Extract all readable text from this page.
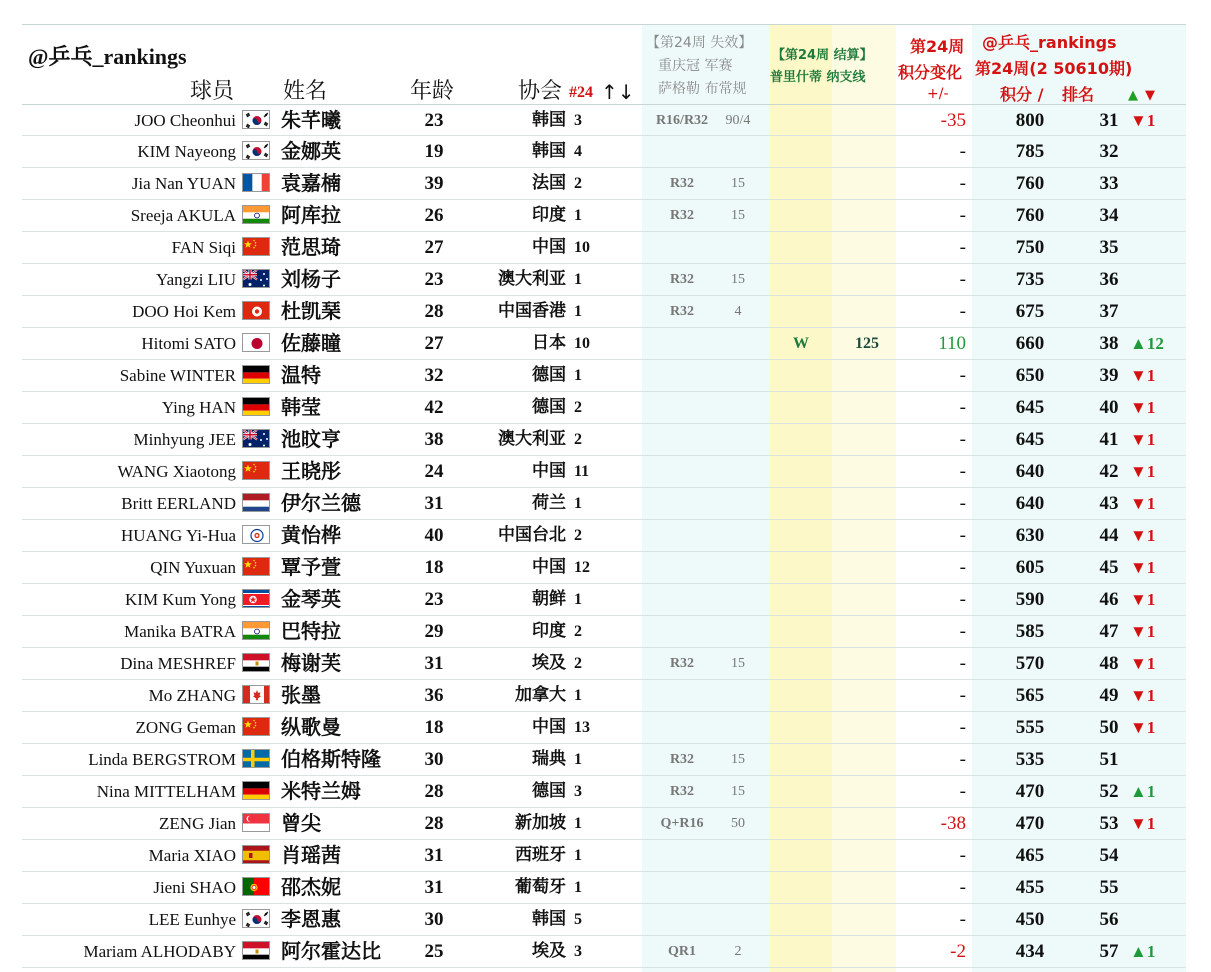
@乒乓_rankings
球员 姓名	年龄	协会 #24 ↑↓
【第24周 失效】
重庆冠 军赛
萨格勒 布常规
【第24周 结算】
普里什蒂 纳支线
第24周
积分变化
+/-
@乒乓_rankings
第24周(2 50610期)
积分 / 排名	▲ ▼
JOO Cheonhui 朱芊曦	23	韩国 3	R16/R32	90/4	-35	800	31 ▼1
KIM Nayeong 金娜英	19	韩国 4	-	785	32
Jia Nan YUAN 袁嘉楠	39	法国 2	R32	15	-	760	33
Sreeja AKULA 阿库拉	26	印度 1	R32	15	-	760	34
FAN Siqi 范思琦	27	中国 10	-	750	35
Yangzi LIU 刘杨子	23	澳大利亚 1	R32	15	-	735	36
DOO Hoi Kem 杜凯琹	28	中国香港 1	R32	4	-	675	37
Hitomi SATO 佐藤瞳	27	日本 10	W	125	110	660	38 ▲12
Sabine WINTER 温特	32	德国 1	-	650	39 ▼1
Ying HAN 韩莹	42	德国 2	-	645	40 ▼1
Minhyung JEE 池旼亨	38	澳大利亚 2	-	645	41 ▼1
WANG Xiaotong 王晓彤	24	中国 11	-	640	42 ▼1
Britt EERLAND 伊尔兰德	31	荷兰 1	-	640	43 ▼1
HUANG Yi-Hua 黄怡桦	40	中国台北 2	-	630	44 ▼1
QIN Yuxuan 覃予萱	18	中国 12	-	605	45 ▼1
KIM Kum Yong 金琴英	23	朝鲜 1	-	590	46 ▼1
Manika BATRA 巴特拉	29	印度 2	-	585	47 ▼1
Dina MESHREF 梅谢芙	31	埃及 2	R32	15	-	570	48 ▼1
Mo ZHANG 张墨	36	加拿大 1	-	565	49 ▼1
ZONG Geman 纵歌曼	18	中国 13	-	555	50 ▼1
Linda BERGSTROM 伯格斯特隆	30	瑞典 1	R32	15	-	535	51
Nina MITTELHAM 米特兰姆	28	德国 3	R32	15	-	470	52 ▲1
ZENG Jian 曾尖	28	新加坡 1	Q+R16	50	-38	470	53 ▼1
Maria XIAO 肖瑶茜	31	西班牙 1	-	465	54
Jieni SHAO 邵杰妮	31	葡萄牙 1	-	455	55
LEE Eunhye 李恩惠	30	韩国 5	-	450	56
Mariam ALHODABY 阿尔霍达比	25	埃及 3	QR1	2	-2	434	57 ▲1
